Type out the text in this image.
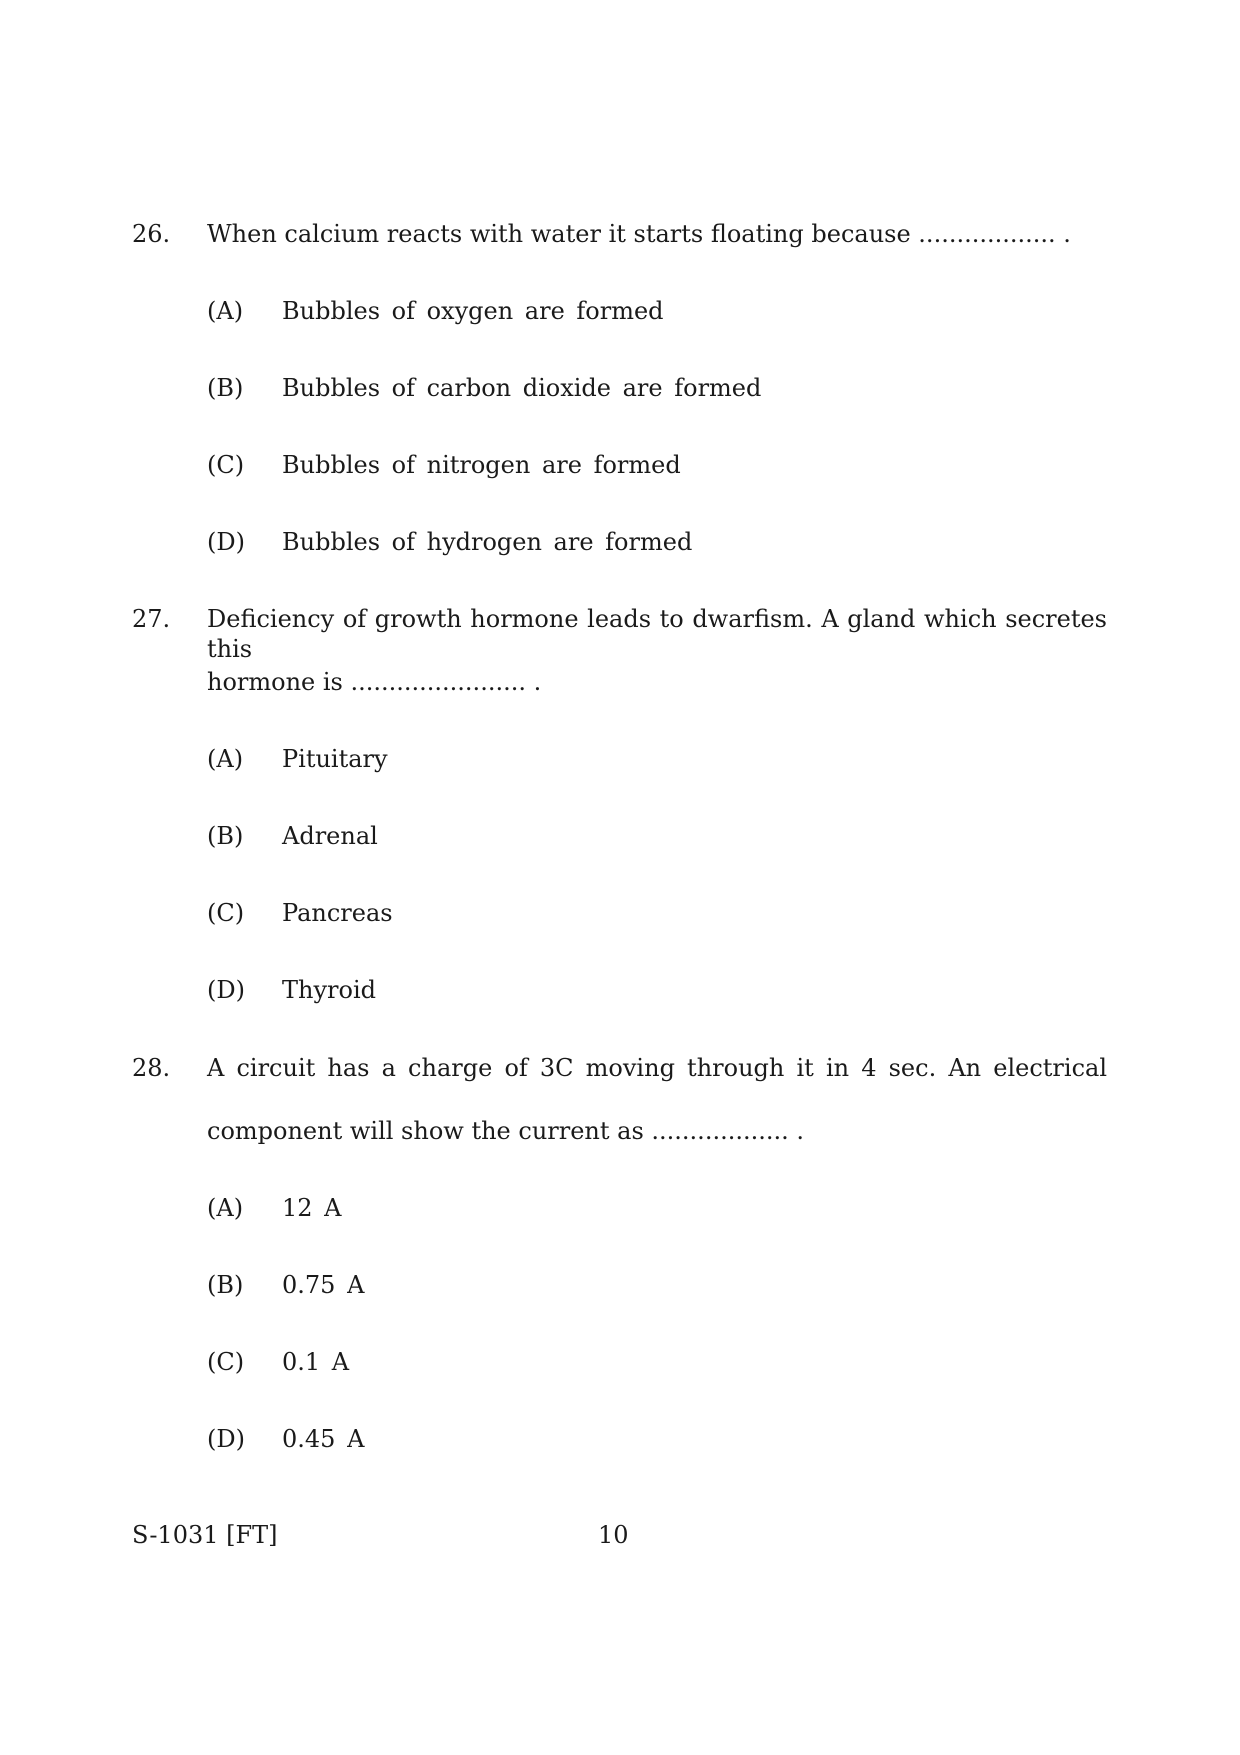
26. When calcium reacts with water it starts floating because .................. .
(A) Bubbles of oxygen are formed
(B) Bubbles of carbon dioxide are formed
(C) Bubbles of nitrogen are formed
(D) Bubbles of hydrogen are formed
27. Deficiency of growth hormone leads to dwarfism. A gland which secretes this
hormone is ....................... .
(A) Pituitary
(B) Adrenal
(C) Pancreas
(D) Thyroid
28. A circuit has a charge of 3C moving through it in 4 sec. An electrical
component will show the current as .................. .
(A) 12 A
(B) 0.75 A
(C) 0.1 A
(D) 0.45 A
S-1031 [FT]	10
